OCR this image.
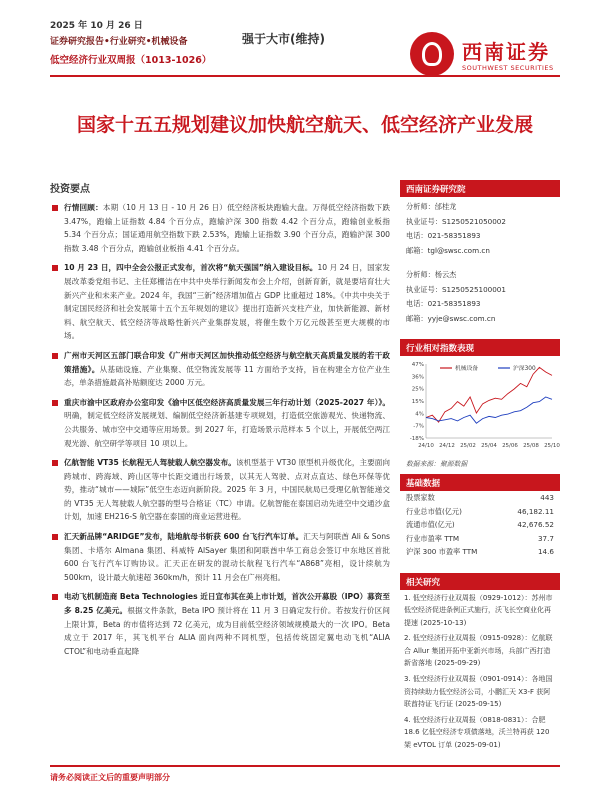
2025 年 10 月 26 日
证券研究报告•行业研究•机械设备
低空经济行业双周报（1013-1026）
强于大市(维持)
西南证券
SOUTHWEST SECURITIES
国家十五五规划建议加快航空航天、低空经济产业发展
投资要点
行情回顾：本期（10 月 13 日 - 10 月 26 日）低空经济板块跑输大盘。万得低空经济指数下跌 3.47%，跑输上证指数 4.84 个百分点，跑输沪深 300 指数 4.42 个百分点，跑输创业板指 5.34 个百分点；国证通用航空指数下跌 2.53%，跑输上证指数 3.90 个百分点，跑输沪深 300 指数 3.48 个百分点，跑输创业板指 4.41 个百分点。
10 月 23 日，四中全会公报正式发布，首次将“航天强国”纳入建设目标。10 月 24 日，国家发展改革委党组书记、主任郑栅洁在中共中央举行新闻发布会上介绍，创新育新，就是要培育壮大新兴产业和未来产业。2024 年，我国“三新”经济增加值占 GDP 比重超过 18%。《中共中央关于制定国民经济和社会发展第十五个五年规划的建议》提出打造新兴支柱产业，加快新能源、新材料、航空航天、低空经济等战略性新兴产业集群发展，将催生数个万亿元级甚至更大规模的市场。
广州市天河区五部门联合印发《广州市天河区加快推动低空经济与航空航天高质量发展的若干政策措施》。从基础设施、产业集聚、低空物流发展等 11 方面给予支持，旨在构建全方位产业生态，单条措施最高补贴额度达 2000 万元。
重庆市渝中区政府办公室印发《渝中区低空经济高质量发展三年行动计划（2025-2027 年）》。明确，制定低空经济发展规划、编制低空经济新基建专项规划，打造低空旅游观光、快递物流、公共服务、城市空中交通等应用场景。到 2027 年，打造场景示范样本 5 个以上，开展低空两江观光游、航空研学等项目 10 项以上。
亿航智能 VT35 长航程无人驾驶载人航空器发布。该机型基于 VT30 原型机升级优化，主要面向跨城市、跨海域、跨山区等中长距交通出行场景，以其无人驾驶、点对点直达、绿色环保等优势，推动“城市——城际”低空生态迈向新阶段。2025 年 3 月，中国民航局已受理亿航智能递交的 VT35 无人驾驶载人航空器的型号合格证（TC）申请。亿航智能在泰国启动先进空中交通沙盒计划，加速 EH216-S 航空器在泰国的商业运营进程。
汇天新品牌“ARIDGE”发布，陆地航母书斩获 600 台飞行汽车订单。汇天与阿联酋 Ali & Sons 集团、卡塔尔 Almana 集团、科威特 AlSayer 集团和阿联酋中华工商总会签订中东地区首批 600 台飞行汽车订购协议。汇天正在研发的混动长航程飞行汽车“A868”亮相，设计续航为 500km，设计最大航速超 360km/h，预计 11 月会在广州亮相。
电动飞机制造商 Beta Technologies 近日宣布其在美上市计划，首次公开募股（IPO）募资至多 8.25 亿美元。根据文件条款，Beta IPO 预计将在 11 月 3 日确定发行价。若按发行价区间上限计算，Beta 的市值将达到 72 亿美元，成为目前低空经济领域规模最大的一次 IPO。Beta 成立于 2017 年，其飞机平台 ALIA 面向两种不同机型，包括传统固定翼电动飞机“ALIA CTOL”和电动垂直起降
西南证券研究院
分析师：邰桂龙
执业证号：S1250521050002
电话：021-58351893
邮箱：tgl@swsc.com.cn
分析师：杨云杰
执业证号：S1250525100001
电话：021-58351893
邮箱：yyje@swsc.com.cn
行业相对指数表现
47%
36%
25%
15%
4%
-7%
-18%
24/10 24/12 25/02 25/04 25/06 25/08 25/10
机械设备	沪深300
数据来源：聚源数据
基础数据
股票家数	443
行业总市值(亿元)	46,182.11
流通市值(亿元)	42,676.52
行业市盈率 TTM	37.7
沪深 300 市盈率 TTM	14.6
相关研究
1. 低空经济行业双周报（0929-1012）：苏州市低空经济促进条例正式施行，沃飞长空商业化再提速 (2025-10-13)
2. 低空经济行业双周报（0915-0928）：亿航联合 Allur 集团开拓中亚新兴市场，兵部广西打造新省落地 (2025-09-29)
3. 低空经济行业双周报（0901-0914）：各地国资持续助力低空经济公司，小鹏汇天 X3-F 获阿联酋持证飞行证 (2025-09-15)
4. 低空经济行业双周报（0818-0831）：合肥 18.6 亿低空经济专项债落地，沃兰特再获 120 架 eVTOL 订单 (2025-09-01)
请务必阅读正文后的重要声明部分
